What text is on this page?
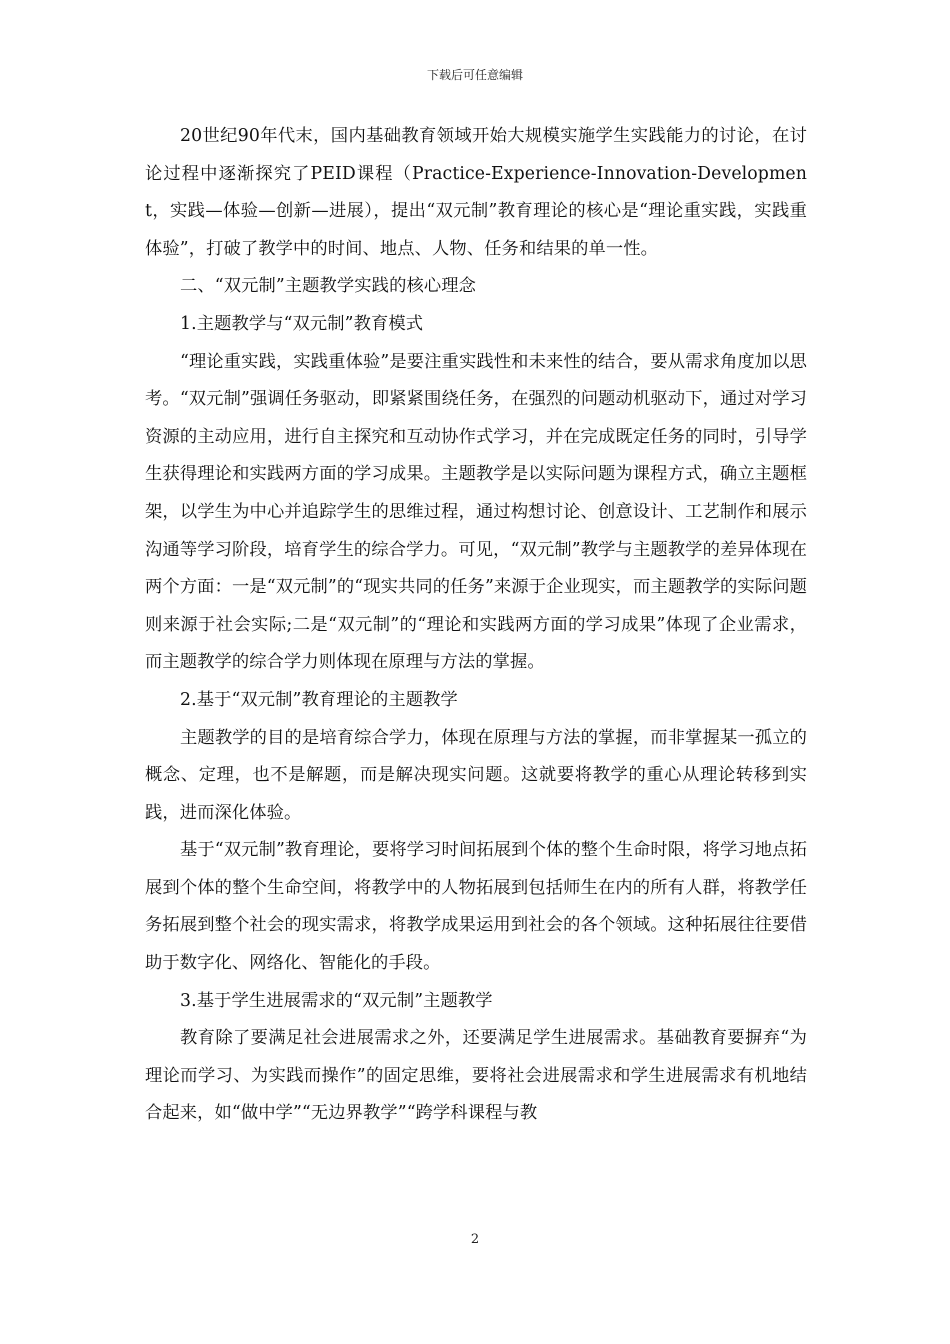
下载后可任意编辑

20世纪90年代末，国内基础教育领域开始大规模实施学生实践能力的讨论，在讨论过程中逐渐探究了PEID课程（Practice-Experience-Innovation-Development，实践—体验—创新—进展），提出“双元制”教育理论的核心是“理论重实践，实践重体验”，打破了教学中的时间、地点、人物、任务和结果的单一性。

二、“双元制”主题教学实践的核心理念

1.主题教学与“双元制”教育模式

“理论重实践，实践重体验”是要注重实践性和未来性的结合，要从需求角度加以思考。“双元制”强调任务驱动，即紧紧围绕任务，在强烈的问题动机驱动下，通过对学习资源的主动应用，进行自主探究和互动协作式学习，并在完成既定任务的同时，引导学生获得理论和实践两方面的学习成果。主题教学是以实际问题为课程方式，确立主题框架，以学生为中心并追踪学生的思维过程，通过构想讨论、创意设计、工艺制作和展示沟通等学习阶段，培育学生的综合学力。可见，“双元制”教学与主题教学的差异体现在两个方面：一是“双元制”的“现实共同的任务”来源于企业现实，而主题教学的实际问题则来源于社会实际;二是“双元制”的“理论和实践两方面的学习成果”体现了企业需求，而主题教学的综合学力则体现在原理与方法的掌握。

2.基于“双元制”教育理论的主题教学

主题教学的目的是培育综合学力，体现在原理与方法的掌握，而非掌握某一孤立的概念、定理，也不是解题，而是解决现实问题。这就要将教学的重心从理论转移到实践，进而深化体验。

基于“双元制”教育理论，要将学习时间拓展到个体的整个生命时限，将学习地点拓展到个体的整个生命空间，将教学中的人物拓展到包括师生在内的所有人群，将教学任务拓展到整个社会的现实需求，将教学成果运用到社会的各个领域。这种拓展往往要借助于数字化、网络化、智能化的手段。

3.基于学生进展需求的“双元制”主题教学

教育除了要满足社会进展需求之外，还要满足学生进展需求。基础教育要摒弃“为理论而学习、为实践而操作”的固定思维，要将社会进展需求和学生进展需求有机地结合起来，如“做中学”“无边界教学”“跨学科课程与教

2
